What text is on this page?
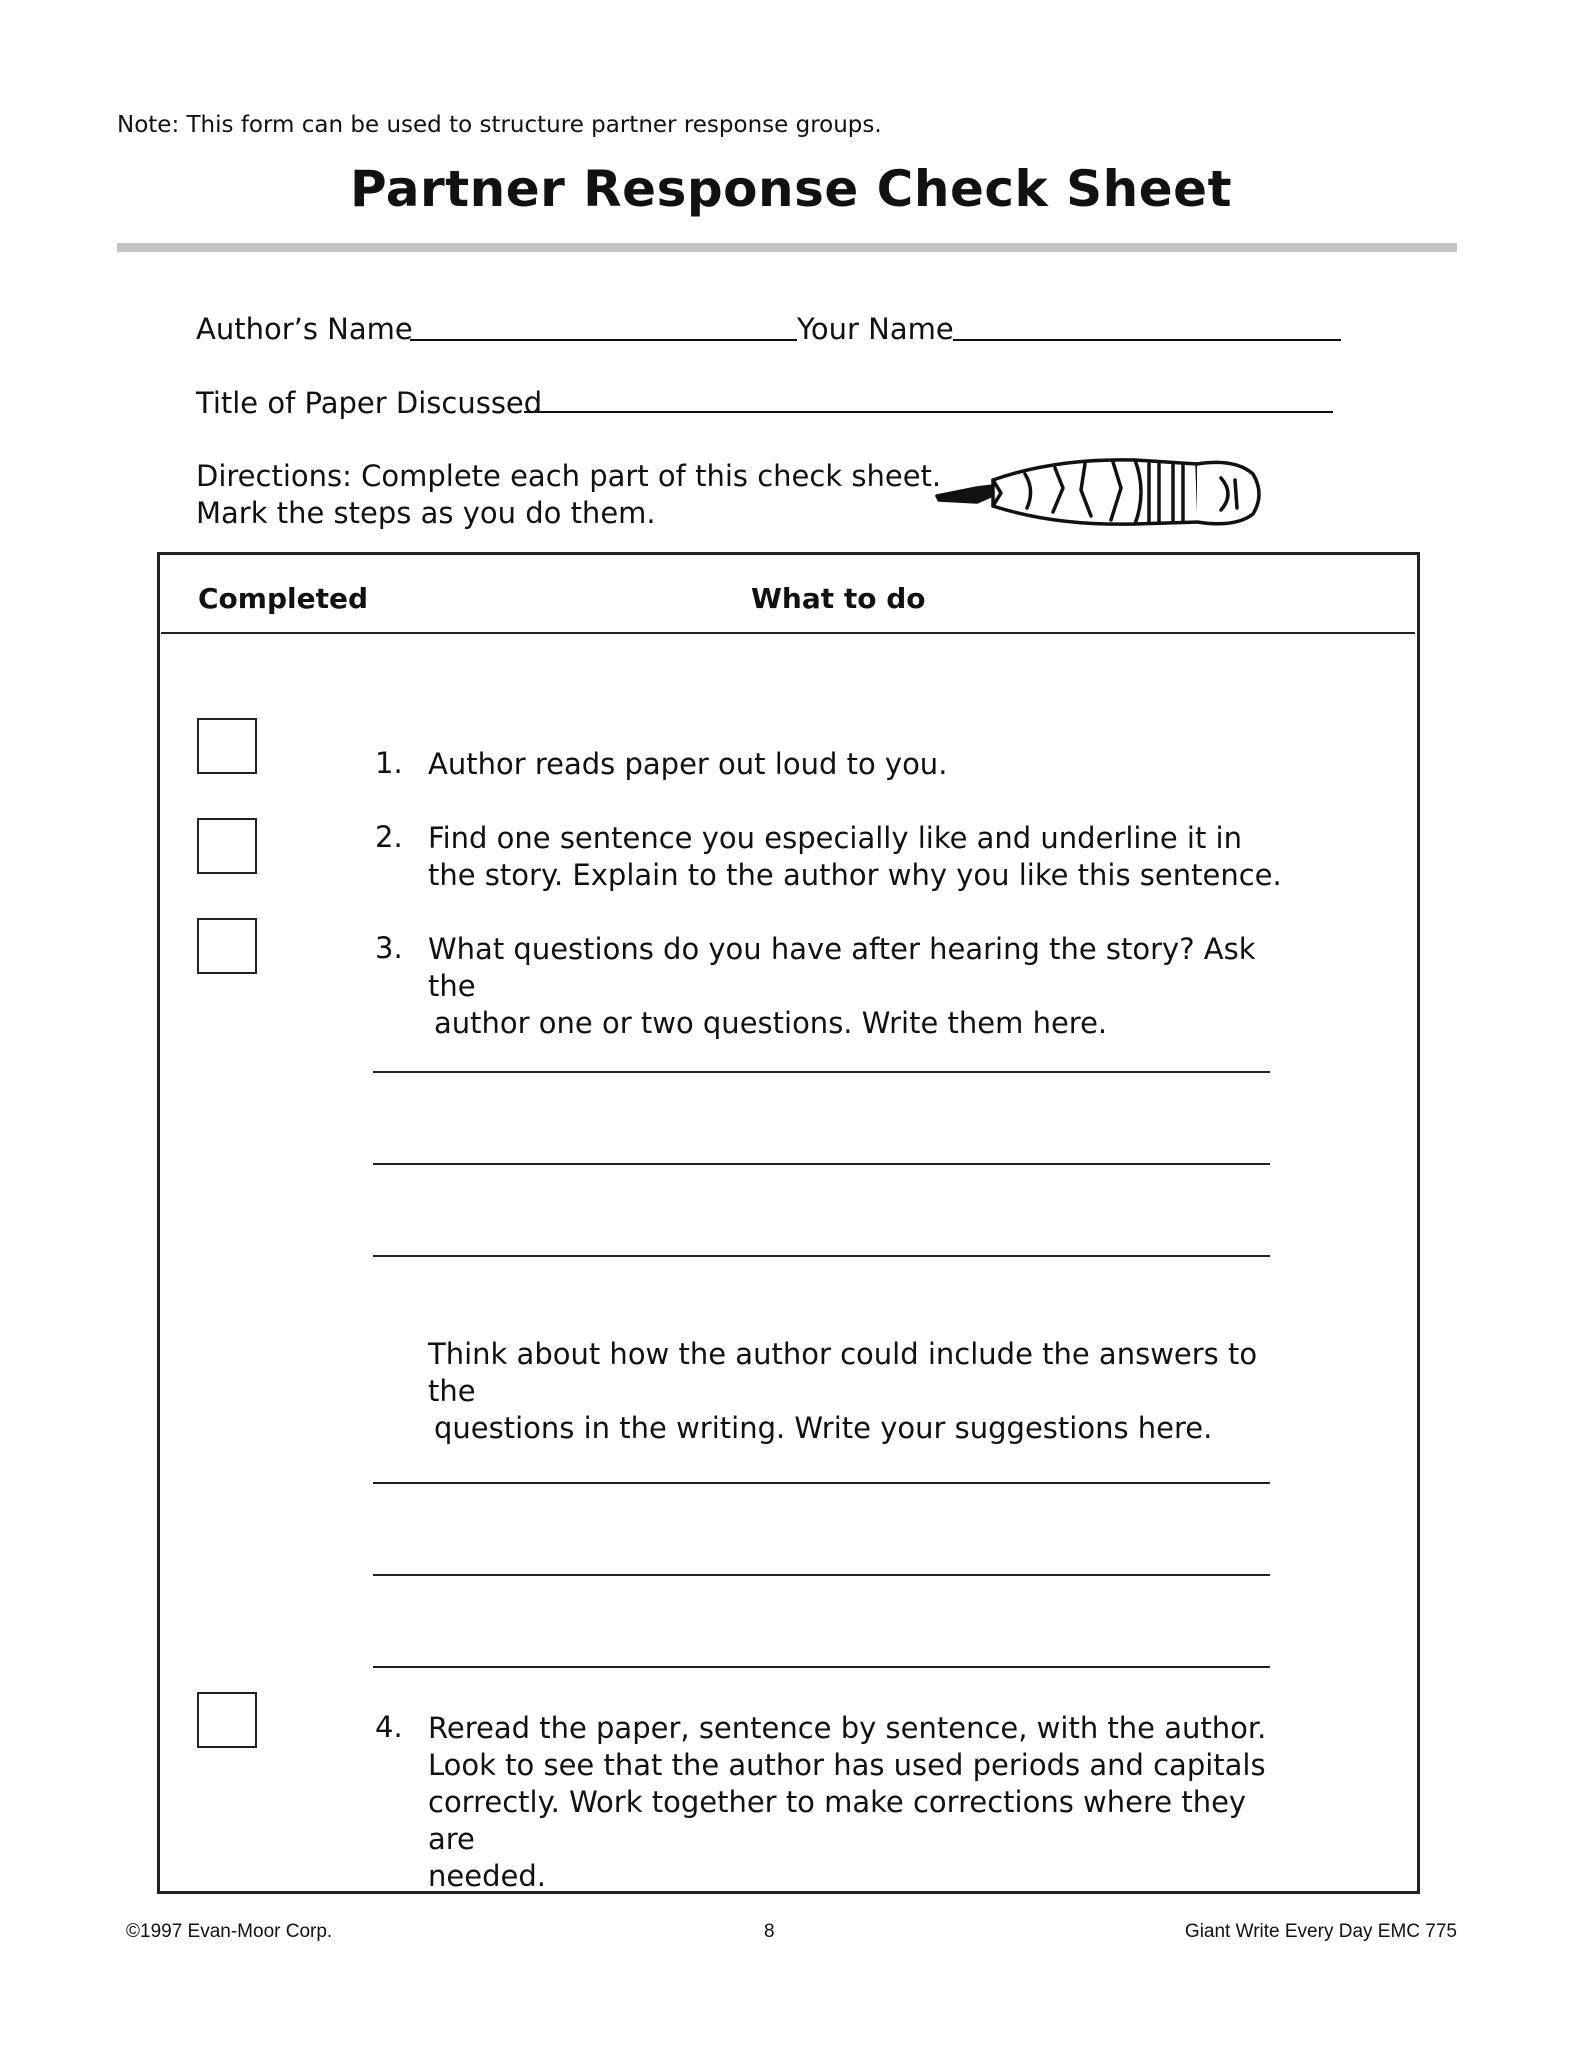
Note: This form can be used to structure partner response groups.
Partner Response Check Sheet
Author’s Name	Your Name
Title of Paper Discussed
Directions: Complete each part of this check sheet.
Mark the steps as you do them.
Completed	What to do
1. Author reads paper out loud to you.
2. Find one sentence you especially like and underline it in
the story. Explain to the author why you like this sentence.
3. What questions do you have after hearing the story? Ask the
author one or two questions. Write them here.
Think about how the author could include the answers to the
questions in the writing. Write your suggestions here.
4. Reread the paper, sentence by sentence, with the author.
Look to see that the author has used periods and capitals
correctly. Work together to make corrections where they are
needed.
©1997 Evan-Moor Corp.	8	Giant Write Every Day EMC 775
